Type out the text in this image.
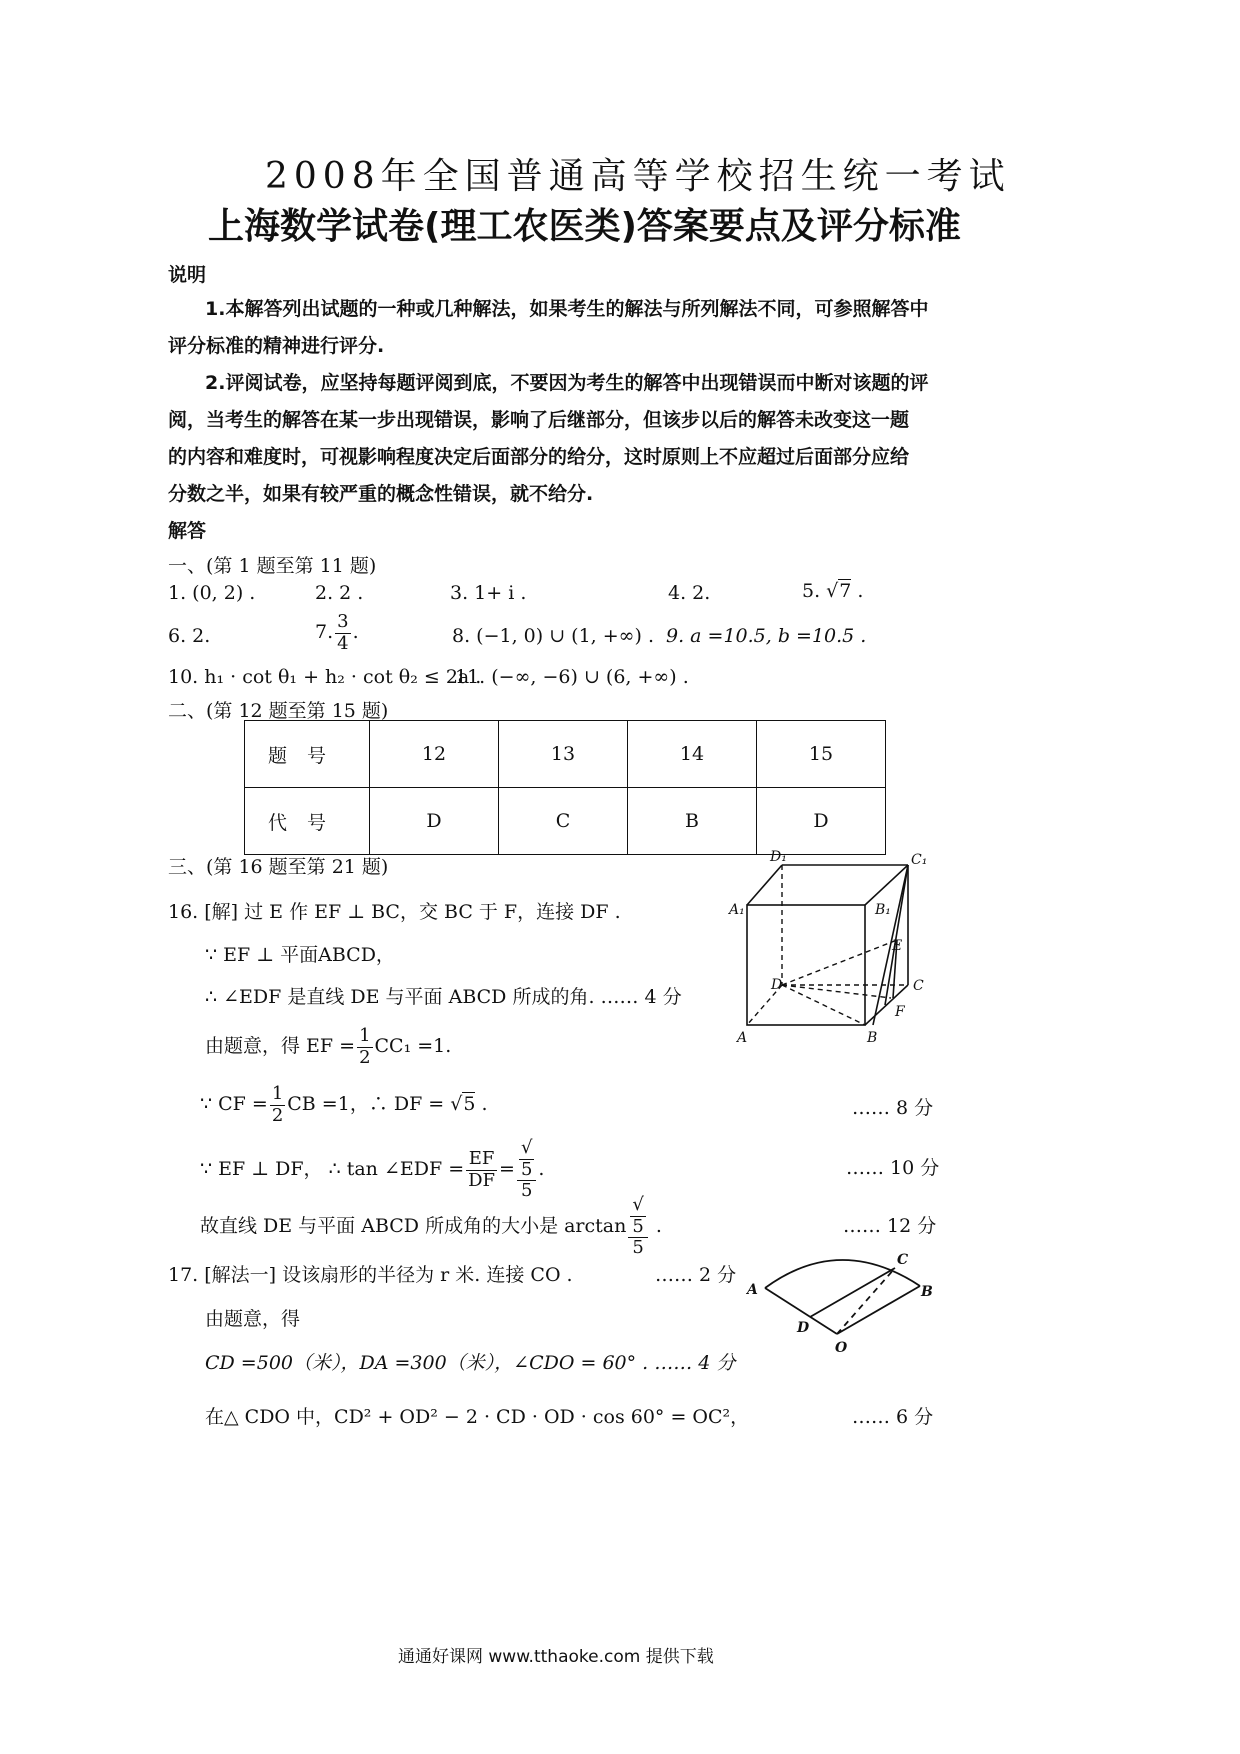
2008年全国普通高等学校招生统一考试
上海数学试卷(理工农医类)答案要点及评分标准
说明
1.本解答列出试题的一种或几种解法，如果考生的解法与所列解法不同，可参照解答中
评分标准的精神进行评分.
2.评阅试卷，应坚持每题评阅到底，不要因为考生的解答中出现错误而中断对该题的评
阅，当考生的解答在某一步出现错误，影响了后继部分，但该步以后的解答未改变这一题
的内容和难度时，可视影响程度决定后面部分的给分，这时原则上不应超过后面部分应给
分数之半，如果有较严重的概念性错误，就不给分.
解答
一、(第 1 题至第 11 题)
1. (0, 2) .	2. 2 .	3. 1+ i .	4. 2.	5. √7 .
6. 2.	7. $\frac{3}{4}$ .	8. (−1, 0) ∪ (1, +∞) . 9. a =10.5, b =10.5 .
10. h₁ · cot θ₁ + h₂ · cot θ₂ ≤ 2a .
11. (−∞, −6) ∪ (6, +∞) .
二、(第 12 题至第 15 题)
题号	12	13	14	15
代号	D	C	B	D
三、(第 16 题至第 21 题)
16. [解] 过 E 作 EF ⊥ BC，交 BC 于 F，连接 DF .
∵ EF ⊥ 平面ABCD，
∴ ∠EDF 是直线 DE 与平面 ABCD 所成的角. …… 4 分
由题意，得 EF = $\frac{1}{2} CC_1 =1$.
∵ CF = $\frac{1}{2}$ CB =1，∴ DF = √5 .	…… 8 分
∵ EF ⊥ DF， ∴ tan ∠EDF = $\frac{EF}{DF}$ = √
5
5 .	…… 10 分
故直线 DE 与平面 ABCD 所成角的大小是 arctan √
5
5 .	…… 12 分
17. [解法一] 设该扇形的半径为 r 米. 连接 CO .	…… 2 分
由题意，得
CD =500（米），DA =300（米），∠CDO = 60° . …… 4 分
在△ CDO 中，CD² + OD² − 2 · CD · OD · cos 60° = OC²，	…… 6 分
D₁	C₁
A₁	B₁
E
D	C
F
A	B
A
C
B
D
O
通通好课网 www.tthaoke.com 提供下载
